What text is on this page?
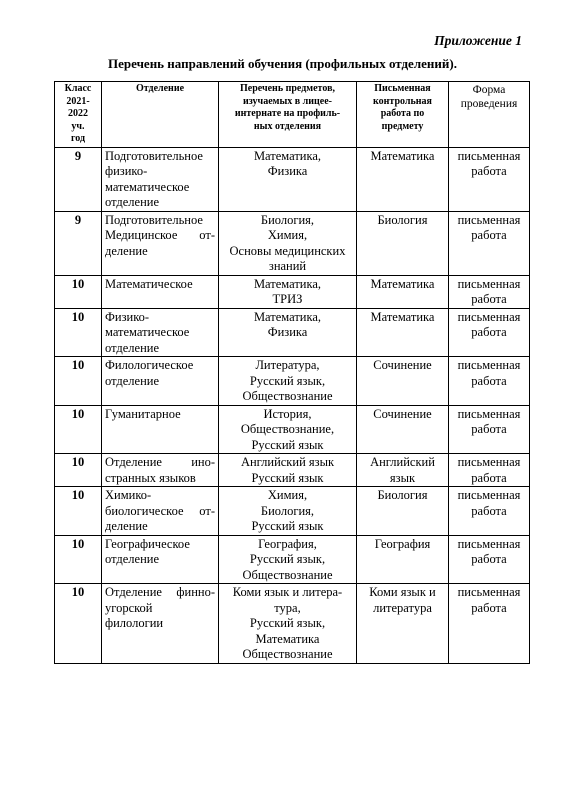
Приложение 1
Перечень направлений обучения (профильных отделений).
Класс
2021-
2022
уч.
год	Отделение	Перечень предметов,
изучаемых в лицее-
интернате на профиль-
ных отделения	Письменная
контрольная
работа по
предмету	Форма
проведения

9	Подготовительное
физико-
математическое
отделение	Математика,
Физика	Математика	письменная
работа

9	Подготовительное
Медицинское от-
деление	Биология,
Химия,
Основы медицинских
знаний	Биология	письменная
работа

10	Математическое	Математика,
ТРИЗ	Математика	письменная
работа

10	Физико-
математическое
отделение	Математика,
Физика	Математика	письменная
работа

10	Филологическое
отделение	Литература,
Русский язык,
Обществознание	Сочинение	письменная
работа

10	Гуманитарное	История,
Обществознание,
Русский язык	Сочинение	письменная
работа

10	Отделение ино-
странных языков	Английский язык
Русский язык	Английский
язык	письменная
работа

10	Химико-
биологическое от-
деление	Химия,
Биология,
Русский язык	Биология	письменная
работа

10	Географическое
отделение	География,
Русский язык,
Обществознание	География	письменная
работа

10	Отделение финно-
угорской
филологии	Коми язык и литера-
тура,
Русский язык,
Математика
Обществознание	Коми язык и
литература	письменная
работа
